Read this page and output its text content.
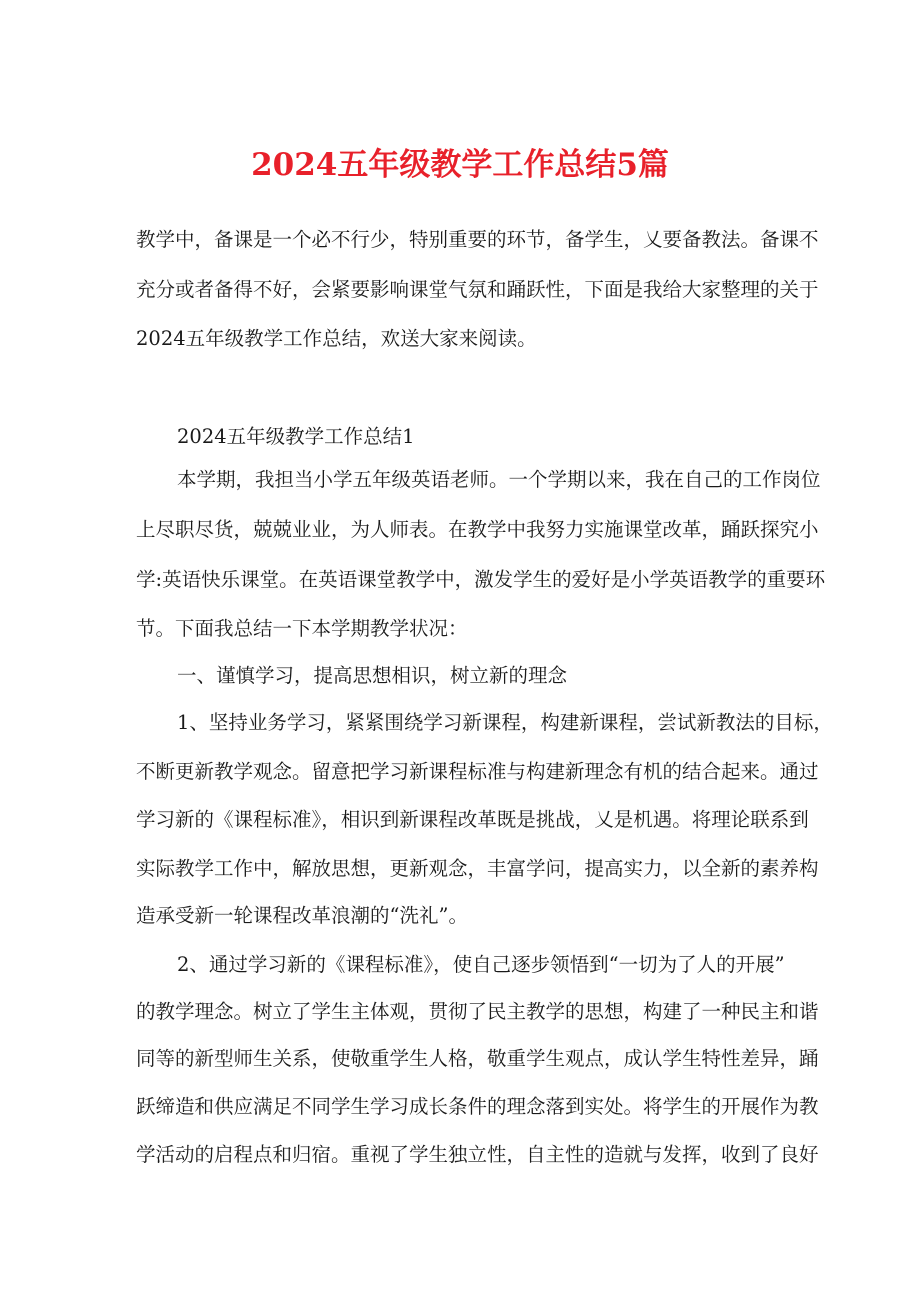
2024五年级教学工作总结5篇
教学中，备课是一个必不行少，特别重要的环节，备学生，乂要备教法。备课不
充分或者备得不好，会紧要影响课堂气氛和踊跃性，下面是我给大家整理的关于
2024五年级教学工作总结，欢送大家来阅读。
2024五年级教学工作总结1
本学期，我担当小学五年级英语老师。一个学期以来，我在自己的工作岗位
上尽职尽货，兢兢业业，为人师表。在教学中我努力实施课堂改革，踊跃探究小
学:英语快乐课堂。在英语课堂教学中，激发学生的爱好是小学英语教学的重要环
节。下面我总结一下本学期教学状况：
一、谨慎学习，提高思想相识，树立新的理念
1、坚持业务学习，紧紧围绕学习新课程，构建新课程，尝试新教法的目标，
不断更新教学观念。留意把学习新课程标准与构建新理念有机的结合起来。通过
学习新的《课程标准》，相识到新课程改革既是挑战，乂是机遇。将理论联系到
实际教学工作中，解放思想，更新观念，丰富学问，提高实力，以全新的素养构
造承受新一轮课程改革浪潮的“洗礼”。
2、通过学习新的《课程标准》，使自己逐步领悟到“一切为了人的开展”
的教学理念。树立了学生主体观，贯彻了民主教学的思想，构建了一种民主和谐
同等的新型师生关系，使敬重学生人格，敬重学生观点，成认学生特性差异，踊
跃缔造和供应满足不同学生学习成长条件的理念落到实处。将学生的开展作为教
学活动的启程点和归宿。重视了学生独立性，自主性的造就与发挥，收到了良好
